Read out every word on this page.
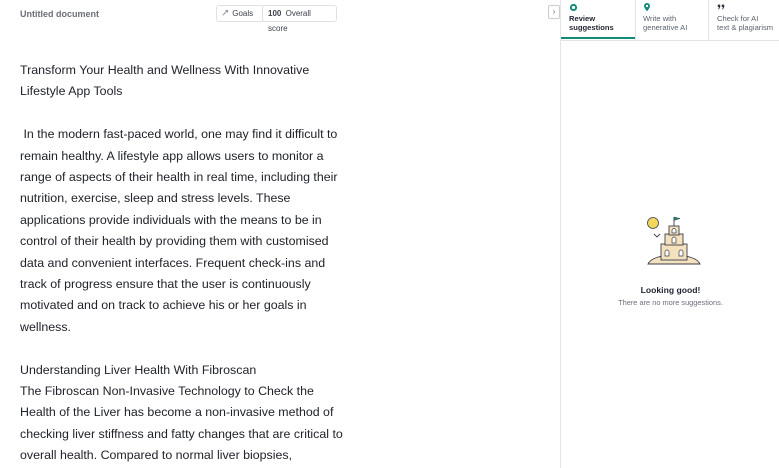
Untitled document	Goals	100 Overall score

Transform Your Health and Wellness With Innovative Lifestyle App Tools

In the modern fast-paced world, one may find it difficult to remain healthy. A lifestyle app allows users to monitor a range of aspects of their health in real time, including their nutrition, exercise, sleep and stress levels. These applications provide individuals with the means to be in control of their health by providing them with customised data and convenient interfaces. Frequent check-ins and track of progress ensure that the user is continuously motivated and on track to achieve his or her goals in wellness.

Understanding Liver Health With Fibroscan

The Fibroscan Non-Invasive Technology to Check the Health of the Liver has become a non-invasive method of checking liver stiffness and fatty changes that are critical to overall health. Compared to normal liver biopsies,

›
Review
suggestions
Write with
generative AI
Check for AI
text & plagiarism
Looking good!
There are no more suggestions.
